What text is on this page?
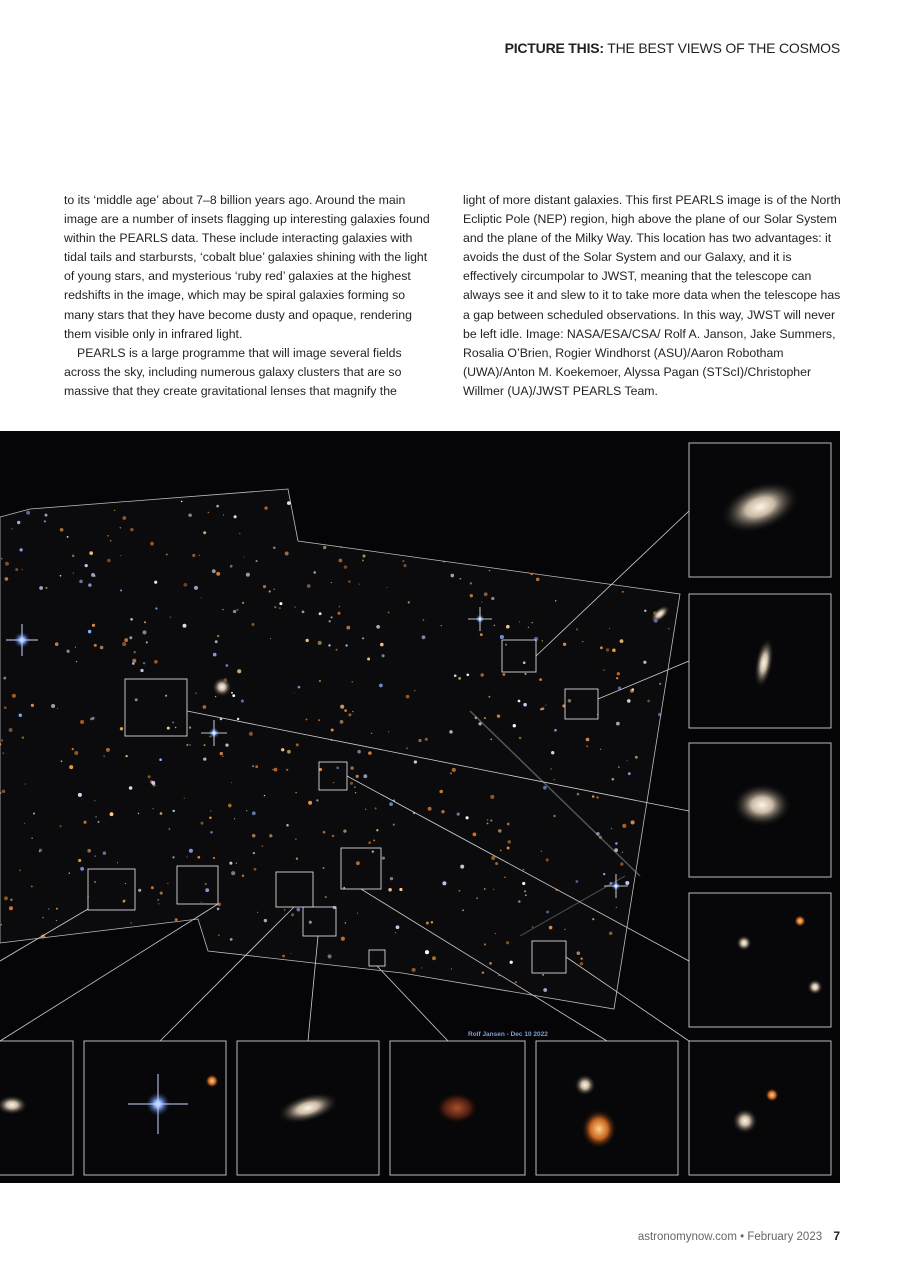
PICTURE THIS: THE BEST VIEWS OF THE COSMOS

to its ‘middle age’ about 7–8 billion years ago. Around the main image are a number of insets flagging up interesting galaxies found within the PEARLS data. These include interacting galaxies with tidal tails and starbursts, ‘cobalt blue’ galaxies shining with the light of young stars, and mysterious ‘ruby red’ galaxies at the highest redshifts in the image, which may be spiral galaxies forming so many stars that they have become dusty and opaque, rendering them visible only in infrared light.

PEARLS is a large programme that will image several fields across the sky, including numerous galaxy clusters that are so massive that they create gravitational lenses that magnify the

light of more distant galaxies. This first PEARLS image is of the North Ecliptic Pole (NEP) region, high above the plane of our Solar System and the plane of the Milky Way. This location has two advantages: it avoids the dust of the Solar System and our Galaxy, and it is effectively circumpolar to JWST, meaning that the telescope can always see it and slew to it to take more data when the telescope has a gap between scheduled observations. In this way, JWST will never be left idle. Image: NASA/ESA/CSA/ Rolf A. Janson, Jake Summers, Rosalia O’Brien, Rogier Windhorst (ASU)/Aaron Robotham (UWA)/Anton M. Koekemoer, Alyssa Pagan (STScI)/Christopher Willmer (UA)/JWST PEARLS Team.

Rolf Jansen - Dec 10 2022
astronomynow.com • February 2023 7
